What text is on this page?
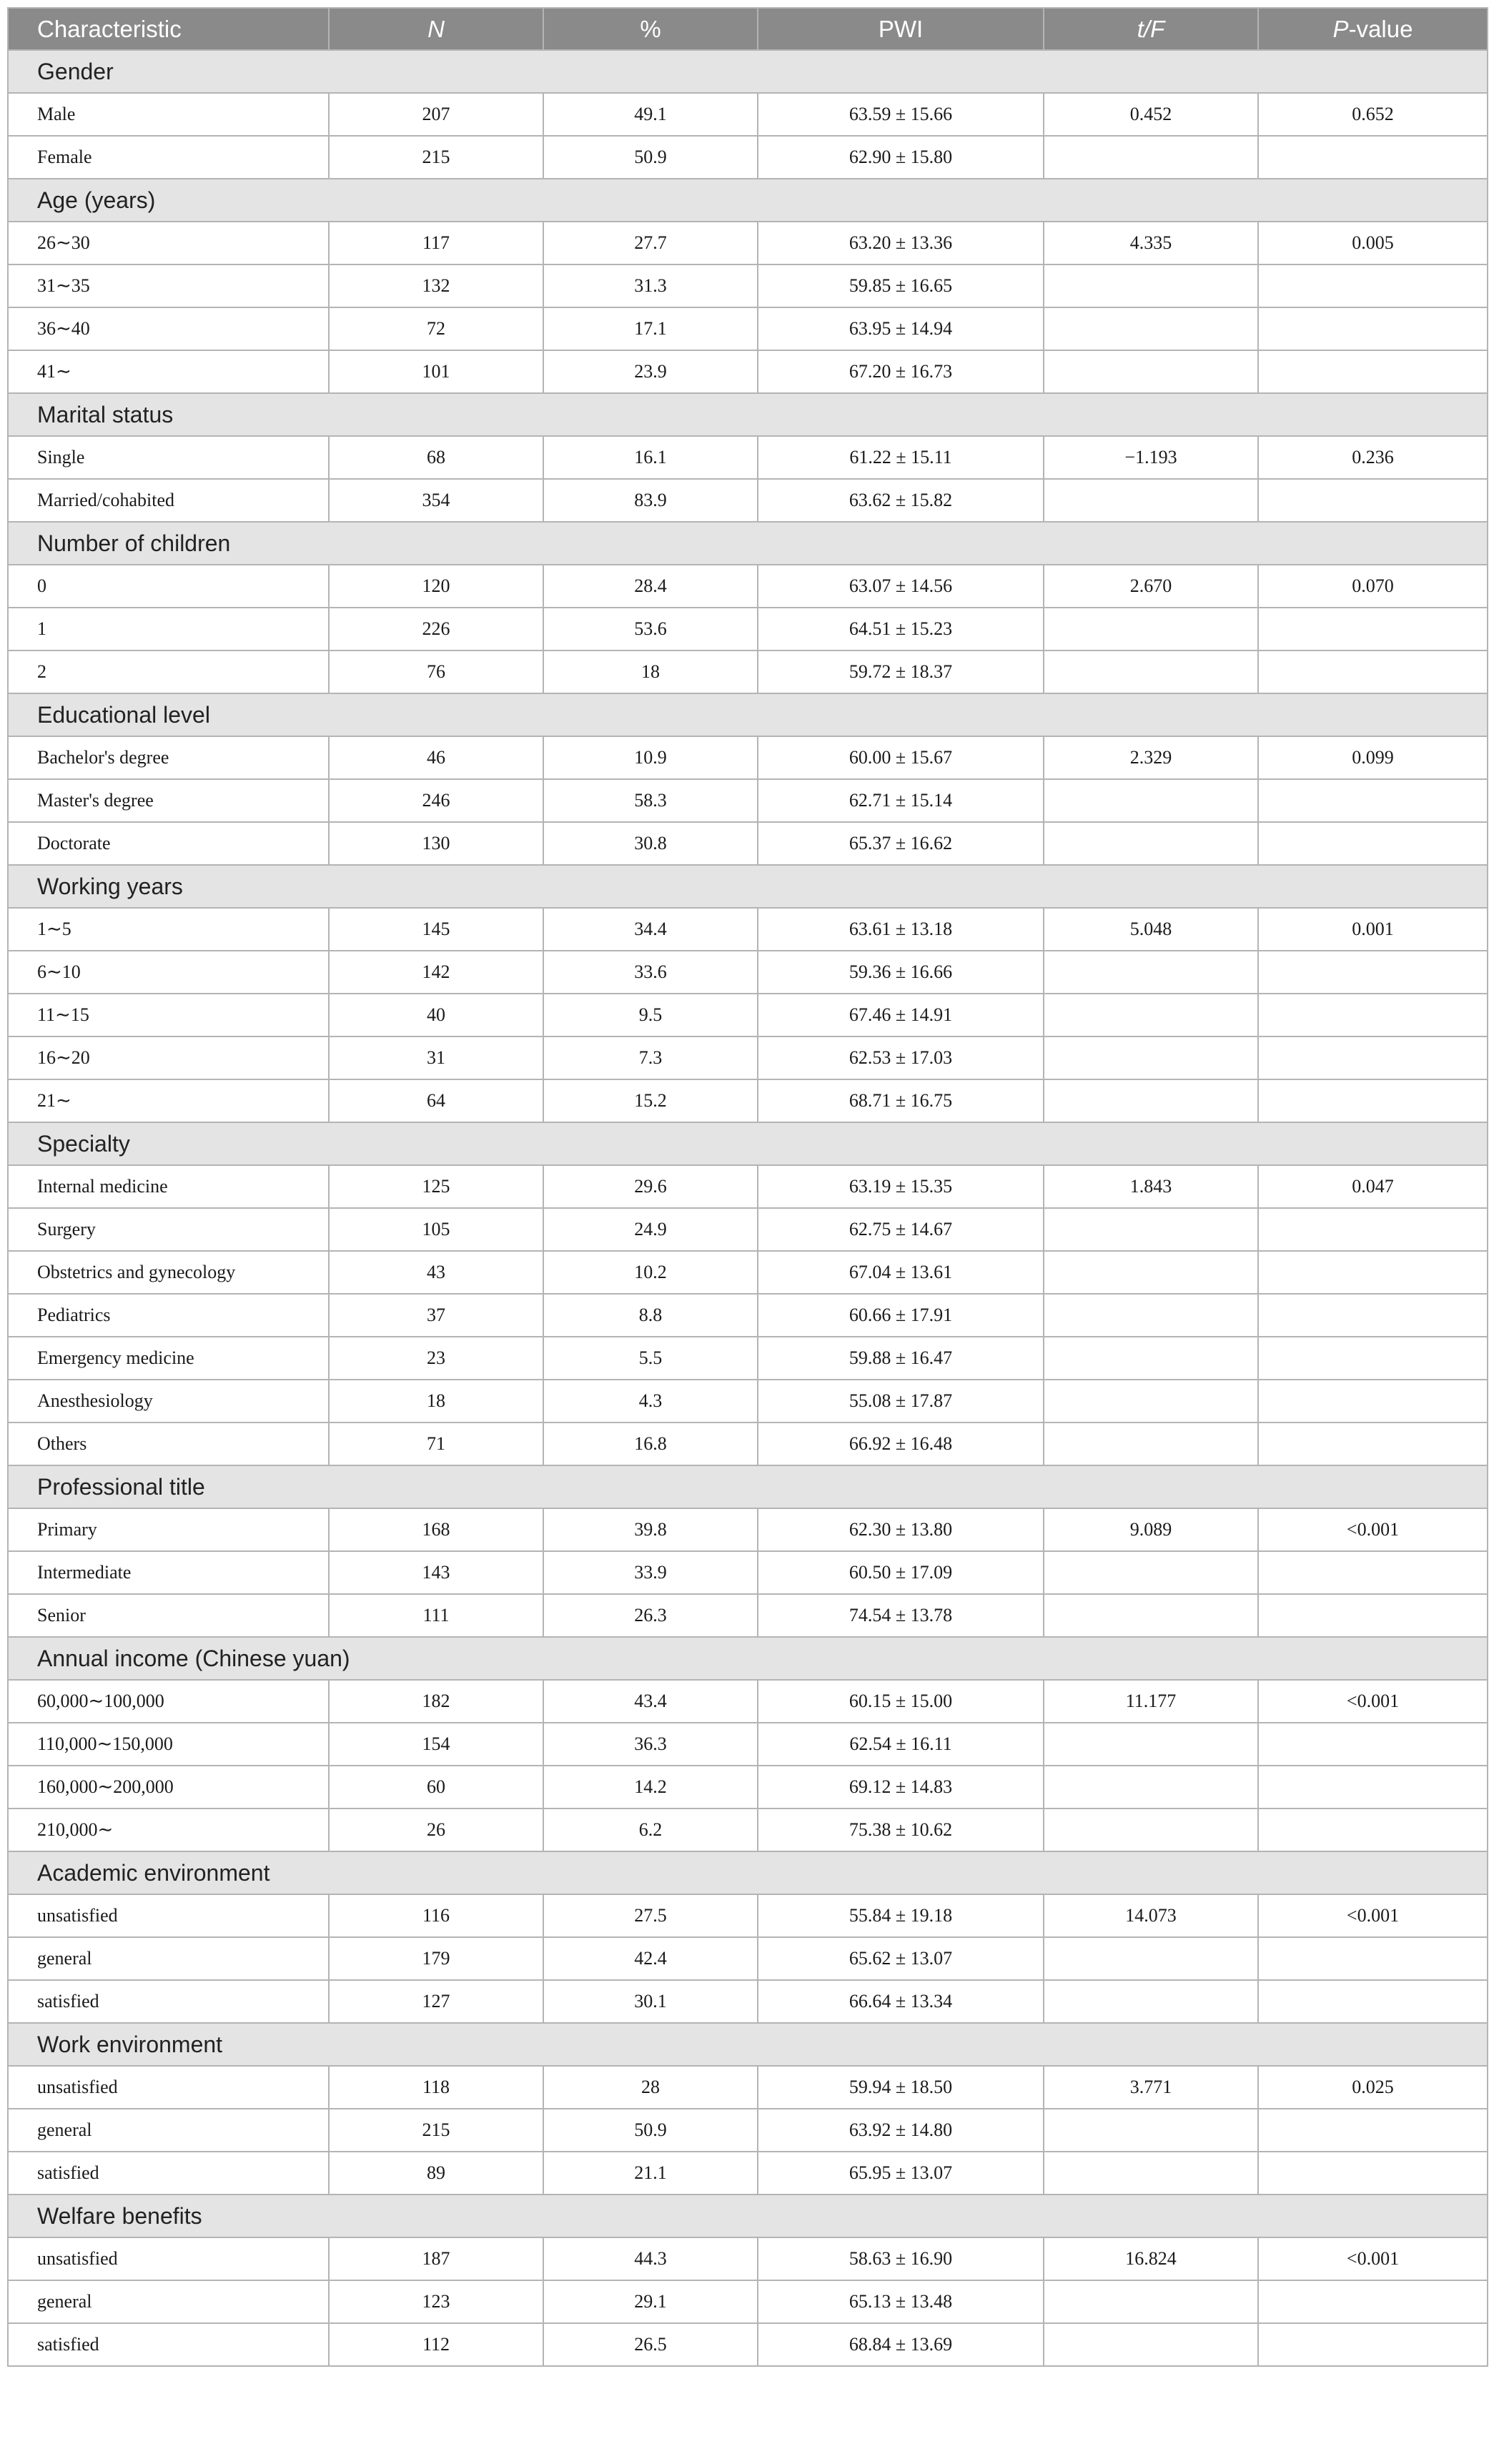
Characteristic	N	%	PWI	t/F	P-value
Gender					
Male	207	49.1	63.59 ± 15.66	0.452	0.652
Female	215	50.9	62.90 ± 15.80		
Age (years)					
26∼30	117	27.7	63.20 ± 13.36	4.335	0.005
31∼35	132	31.3	59.85 ± 16.65		
36∼40	72	17.1	63.95 ± 14.94		
41∼	101	23.9	67.20 ± 16.73		
Marital status					
Single	68	16.1	61.22 ± 15.11	−1.193	0.236
Married/cohabited	354	83.9	63.62 ± 15.82		
Number of children					
0	120	28.4	63.07 ± 14.56	2.670	0.070
1	226	53.6	64.51 ± 15.23		
2	76	18	59.72 ± 18.37		
Educational level					
Bachelor's degree	46	10.9	60.00 ± 15.67	2.329	0.099
Master's degree	246	58.3	62.71 ± 15.14		
Doctorate	130	30.8	65.37 ± 16.62		
Working years					
1∼5	145	34.4	63.61 ± 13.18	5.048	0.001
6∼10	142	33.6	59.36 ± 16.66		
11∼15	40	9.5	67.46 ± 14.91		
16∼20	31	7.3	62.53 ± 17.03		
21∼	64	15.2	68.71 ± 16.75		
Specialty					
Internal medicine	125	29.6	63.19 ± 15.35	1.843	0.047
Surgery	105	24.9	62.75 ± 14.67		
Obstetrics and gynecology	43	10.2	67.04 ± 13.61		
Pediatrics	37	8.8	60.66 ± 17.91		
Emergency medicine	23	5.5	59.88 ± 16.47		
Anesthesiology	18	4.3	55.08 ± 17.87		
Others	71	16.8	66.92 ± 16.48		
Professional title					
Primary	168	39.8	62.30 ± 13.80	9.089	<0.001
Intermediate	143	33.9	60.50 ± 17.09		
Senior	111	26.3	74.54 ± 13.78		
Annual income (Chinese yuan)					
60,000∼100,000	182	43.4	60.15 ± 15.00	11.177	<0.001
110,000∼150,000	154	36.3	62.54 ± 16.11		
160,000∼200,000	60	14.2	69.12 ± 14.83		
210,000∼	26	6.2	75.38 ± 10.62		
Academic environment					
unsatisfied	116	27.5	55.84 ± 19.18	14.073	<0.001
general	179	42.4	65.62 ± 13.07		
satisfied	127	30.1	66.64 ± 13.34		
Work environment					
unsatisfied	118	28	59.94 ± 18.50	3.771	0.025
general	215	50.9	63.92 ± 14.80		
satisfied	89	21.1	65.95 ± 13.07		
Welfare benefits					
unsatisfied	187	44.3	58.63 ± 16.90	16.824	<0.001
general	123	29.1	65.13 ± 13.48		
satisfied	112	26.5	68.84 ± 13.69		
